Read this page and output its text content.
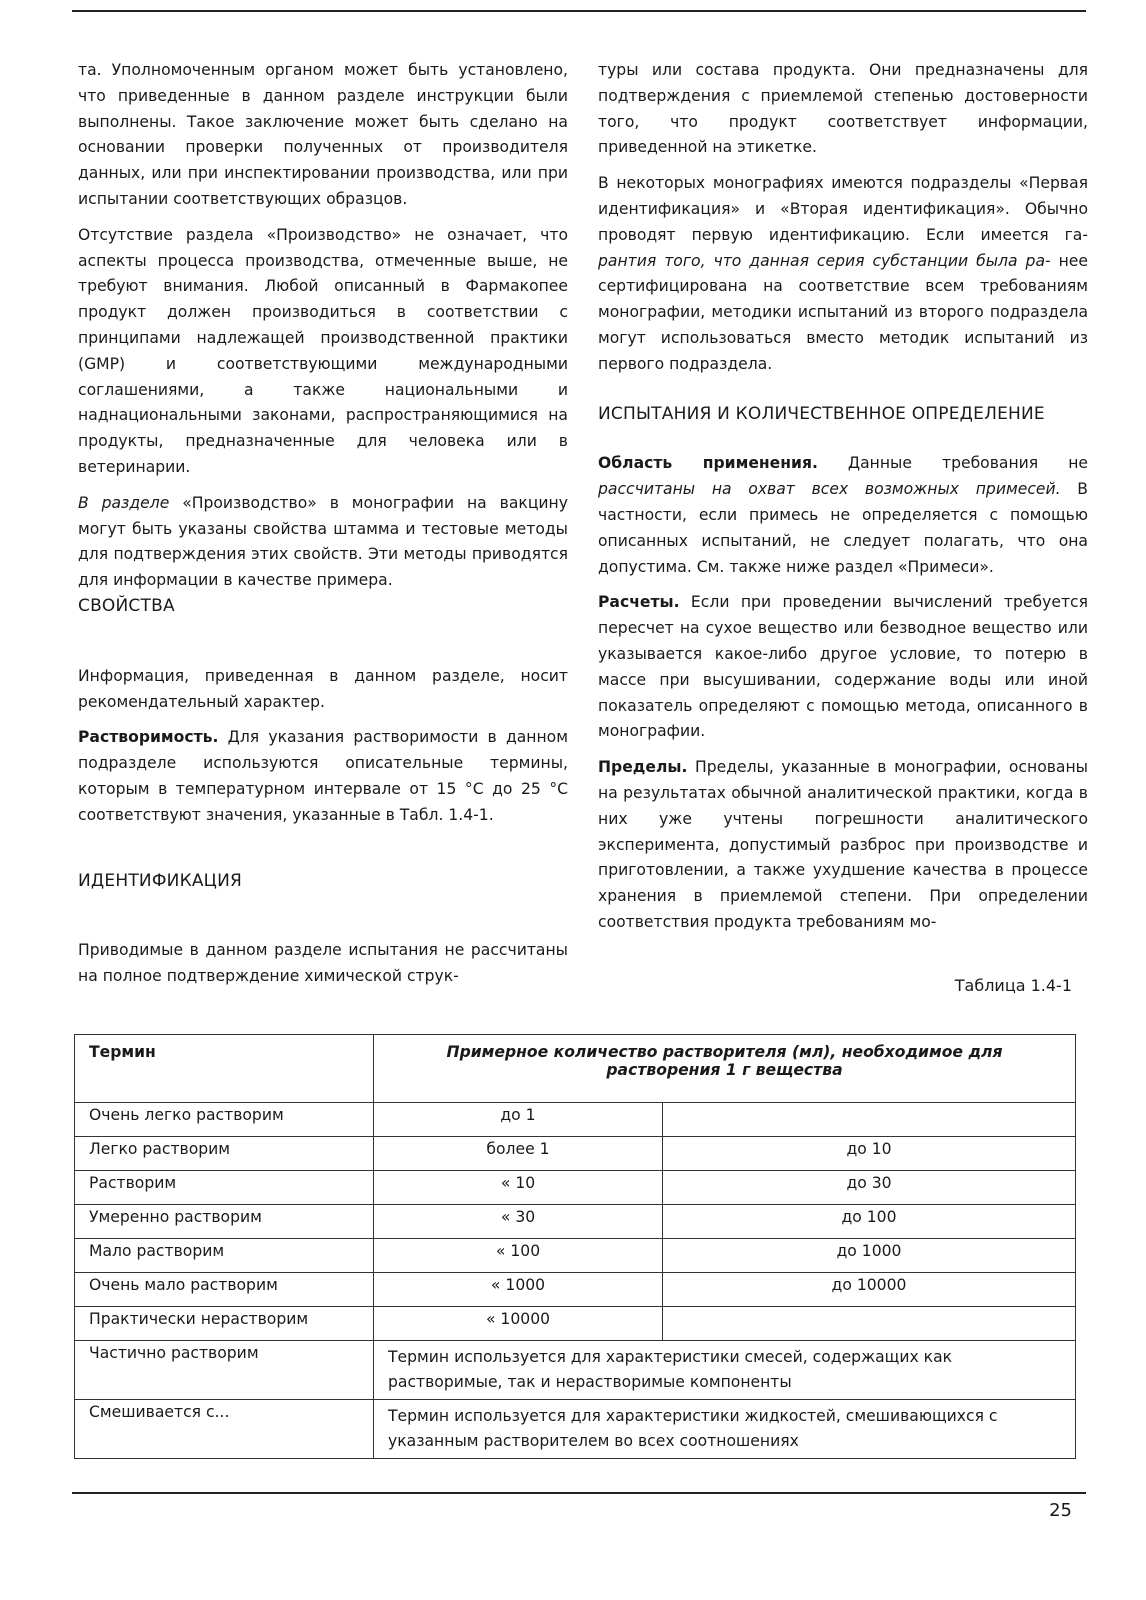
та. Уполномоченным органом может быть установлено, что приведенные в данном разделе инструкции были выполнены. Такое заключение может быть сделано на основании проверки полученных от производителя данных, или при инспектировании производства, или при испытании соответствующих образцов.

Отсутствие раздела «Производство» не означает, что аспекты процесса производства, отмеченные выше, не требуют внимания. Любой описанный в Фармакопее продукт должен производиться в соответствии с принципами надлежащей производственной практики (GMP) и соответствующими международными соглашениями, а также национальными и наднациональными законами, распространяющимися на продукты, предназначенные для человека или в ветеринарии.

В разделе «Производство» в монографии на вакцину могут быть указаны свойства штамма и тестовые методы для подтверждения этих свойств. Эти методы приводятся для информации в качестве примера.

СВОЙСТВА

Информация, приведенная в данном разделе, носит рекомендательный характер.

Растворимость. Для указания растворимости в данном подразделе используются описательные термины, которым в температурном интервале от 15 °С до 25 °С соответствуют значения, указанные в Табл. 1.4-1.

ИДЕНТИФИКАЦИЯ

Приводимые в данном разделе испытания не рассчитаны на полное подтверждение химической струк-

туры или состава продукта. Они предназначены для подтверждения с приемлемой степенью достоверности того, что продукт соответствует информации, приведенной на этикетке.

В некоторых монографиях имеются подразделы «Первая идентификация» и «Вторая идентификация». Обычно проводят первую идентификацию. Если имеется га- рантия того, что данная серия субстанции была ра- нее сертифицирована на соответствие всем требованиям монографии, методики испытаний из второго подраздела могут использоваться вместо методик испытаний из первого подраздела.

ИСПЫТАНИЯ И КОЛИЧЕСТВЕННОЕ ОПРЕДЕЛЕНИЕ

Область применения. Данные требования не рассчитаны на охват всех возможных примесей. В частности, если примесь не определяется с помощью описанных испытаний, не следует полагать, что она допустима. См. также ниже раздел «Примеси».

Расчеты. Если при проведении вычислений требуется пересчет на сухое вещество или безводное вещество или указывается какое-либо другое условие, то потерю в массе при высушивании, содержание воды или иной показатель определяют с помощью метода, описанного в монографии.

Пределы. Пределы, указанные в монографии, основаны на результатах обычной аналитической практики, когда в них уже учтены погрешности аналитического эксперимента, допустимый разброс при производстве и приготовлении, а также ухудшение качества в процессе хранения в приемлемой степени. При определении соответствия продукта требованиям мо-

Таблица 1.4-1
Термин	Примерное количество растворителя (мл), необходимое для растворения 1 г вещества	
Очень легко растворим	до 1	
Легко растворим	более 1	до 10
Растворим	« 10	до 30
Умеренно растворим	« 30	до 100
Мало растворим	« 100	до 1000
Очень мало растворим	« 1000	до 10000
Практически нерастворим	« 10000	
Частично растворим	Термин используется для характеристики смесей, содержащих как растворимые, так и нерастворимые компоненты	
Смешивается с...	Термин используется для характеристики жидкостей, смешивающихся с указанным растворителем во всех соотношениях	
25
